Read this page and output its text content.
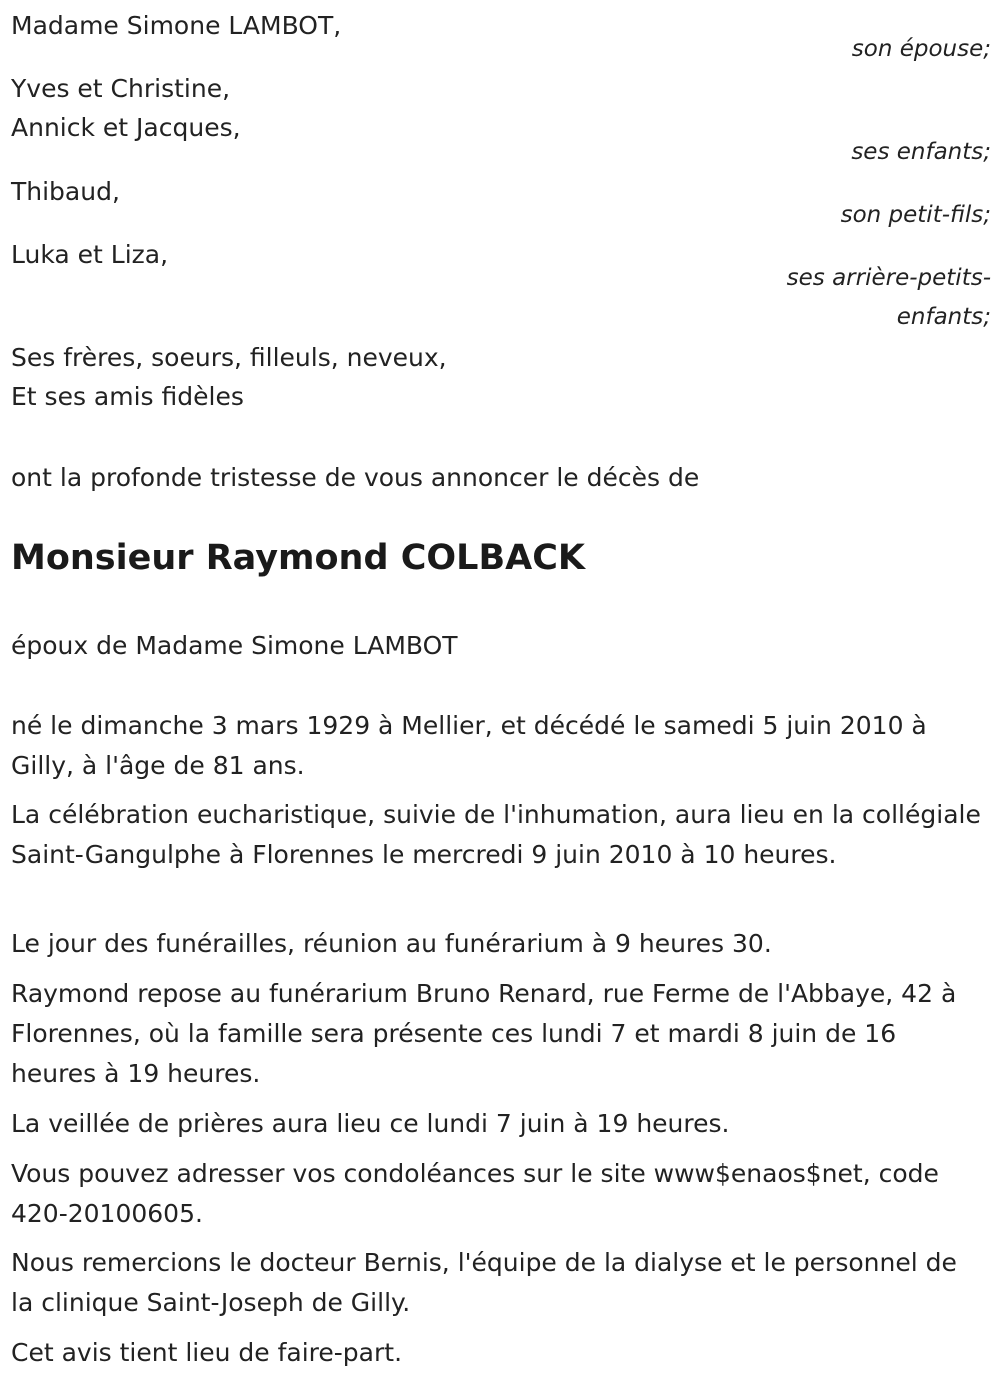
Madame Simone LAMBOT,
son épouse;
Yves et Christine,
Annick et Jacques,
ses enfants;
Thibaud,
son petit-fils;
Luka et Liza,
ses arrière-petits-
enfants;
Ses frères, soeurs, filleuls, neveux,
Et ses amis fidèles
ont la profonde tristesse de vous annoncer le décès de
Monsieur Raymond COLBACK
époux de Madame Simone LAMBOT
né le dimanche 3 mars 1929 à Mellier, et décédé le samedi 5 juin 2010 à Gilly, à l'âge de 81 ans.
La célébration eucharistique, suivie de l'inhumation, aura lieu en la collégiale Saint-Gangulphe à Florennes le mercredi 9 juin 2010 à 10 heures.
Le jour des funérailles, réunion au funérarium à 9 heures 30.
Raymond repose au funérarium Bruno Renard, rue Ferme de l'Abbaye, 42 à Florennes, où la famille sera présente ces lundi 7 et mardi 8 juin de 16 heures à 19 heures.
La veillée de prières aura lieu ce lundi 7 juin à 19 heures.
Vous pouvez adresser vos condoléances sur le site www$enaos$net, code 420-20100605.
Nous remercions le docteur Bernis, l'équipe de la dialyse et le personnel de la clinique Saint-Joseph de Gilly.
Cet avis tient lieu de faire-part.
